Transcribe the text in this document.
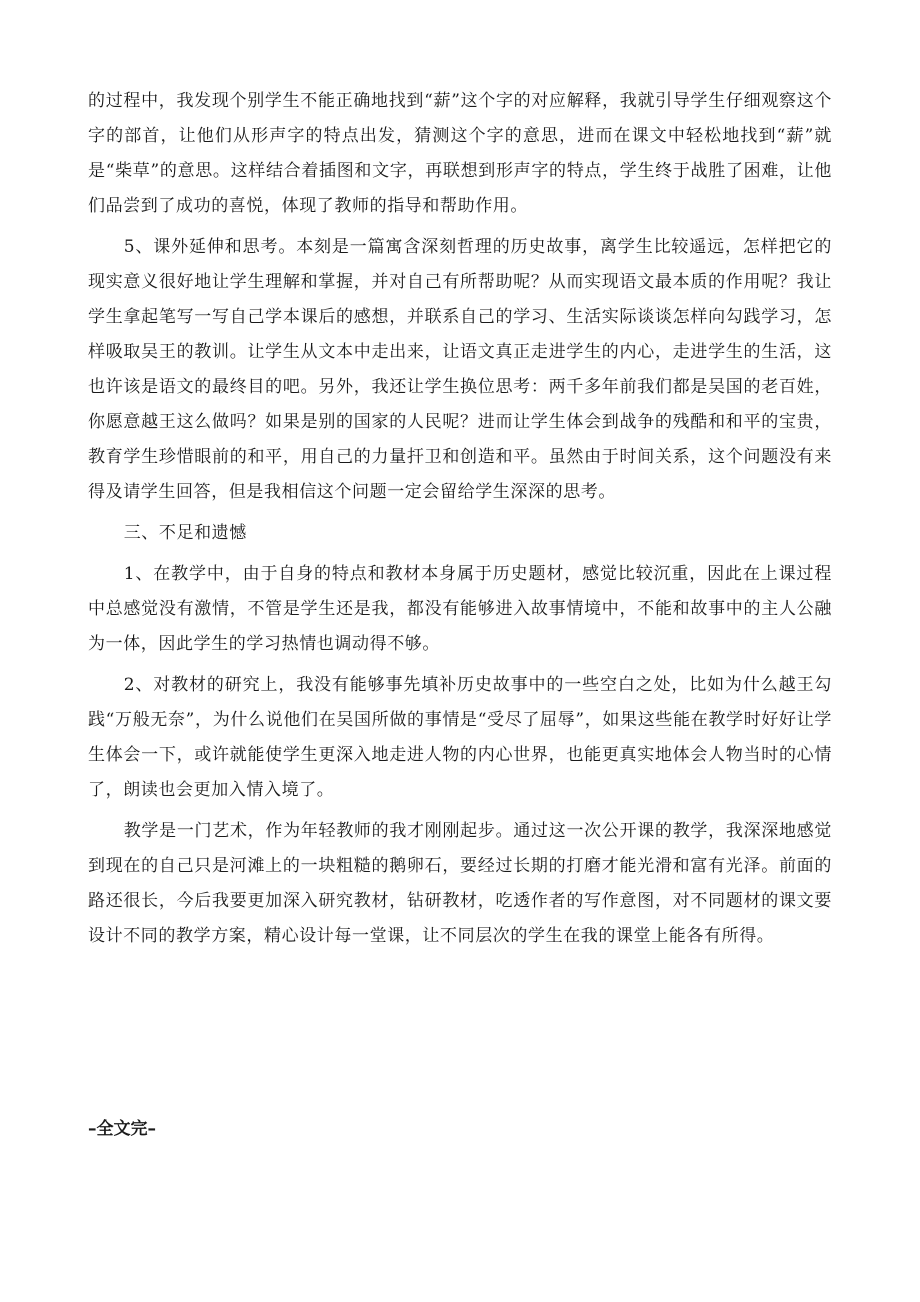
的过程中，我发现个别学生不能正确地找到“薪”这个字的对应解释，我就引导学生仔细观察这个字的部首，让他们从形声字的特点出发，猜测这个字的意思，进而在课文中轻松地找到“薪”就是“柴草”的意思。这样结合着插图和文字，再联想到形声字的特点，学生终于战胜了困难，让他们品尝到了成功的喜悦，体现了教师的指导和帮助作用。

5、课外延伸和思考。本刻是一篇寓含深刻哲理的历史故事，离学生比较遥远，怎样把它的现实意义很好地让学生理解和掌握，并对自己有所帮助呢？从而实现语文最本质的作用呢？我让学生拿起笔写一写自己学本课后的感想，并联系自己的学习、生活实际谈谈怎样向勾践学习，怎样吸取吴王的教训。让学生从文本中走出来，让语文真正走进学生的内心，走进学生的生活，这也许该是语文的最终目的吧。另外，我还让学生换位思考：两千多年前我们都是吴国的老百姓，你愿意越王这么做吗？如果是别的国家的人民呢？进而让学生体会到战争的残酷和和平的宝贵，教育学生珍惜眼前的和平，用自己的力量扞卫和创造和平。虽然由于时间关系，这个问题没有来得及请学生回答，但是我相信这个问题一定会留给学生深深的思考。

三、不足和遗憾

1、在教学中，由于自身的特点和教材本身属于历史题材，感觉比较沉重，因此在上课过程中总感觉没有激情，不管是学生还是我，都没有能够进入故事情境中，不能和故事中的主人公融为一体，因此学生的学习热情也调动得不够。

2、对教材的研究上，我没有能够事先填补历史故事中的一些空白之处，比如为什么越王勾践“万般无奈”，为什么说他们在吴国所做的事情是“受尽了屈辱”，如果这些能在教学时好好让学生体会一下，或许就能使学生更深入地走进人物的内心世界，也能更真实地体会人物当时的心情了，朗读也会更加入情入境了。

教学是一门艺术，作为年轻教师的我才刚刚起步。通过这一次公开课的教学，我深深地感觉到现在的自己只是河滩上的一块粗糙的鹅卵石，要经过长期的打磨才能光滑和富有光泽。前面的路还很长，今后我要更加深入研究教材，钻研教材，吃透作者的写作意图，对不同题材的课文要设计不同的教学方案，精心设计每一堂课，让不同层次的学生在我的课堂上能各有所得。

–全文完–
